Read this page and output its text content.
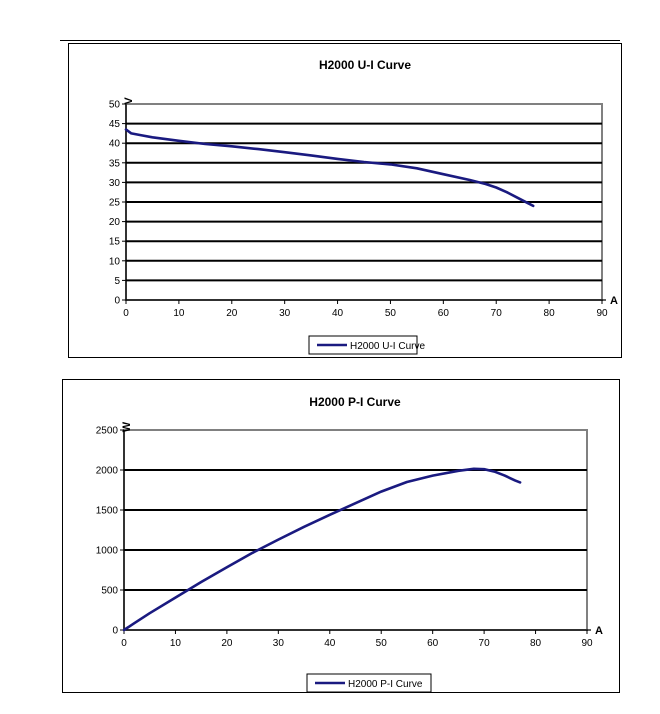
H2000 U-I Curve
0
5
10
15
20
25
30
35
40
45
50 V
0	10	20	30	40	50	60	70	80	90
A
H2000 U-I Curve
H2000 P-I Curve
0
500
1000
1500
2000
2500 W
0	10	20	30	40	50	60	70	80	90
A
H2000 P-I Curve
